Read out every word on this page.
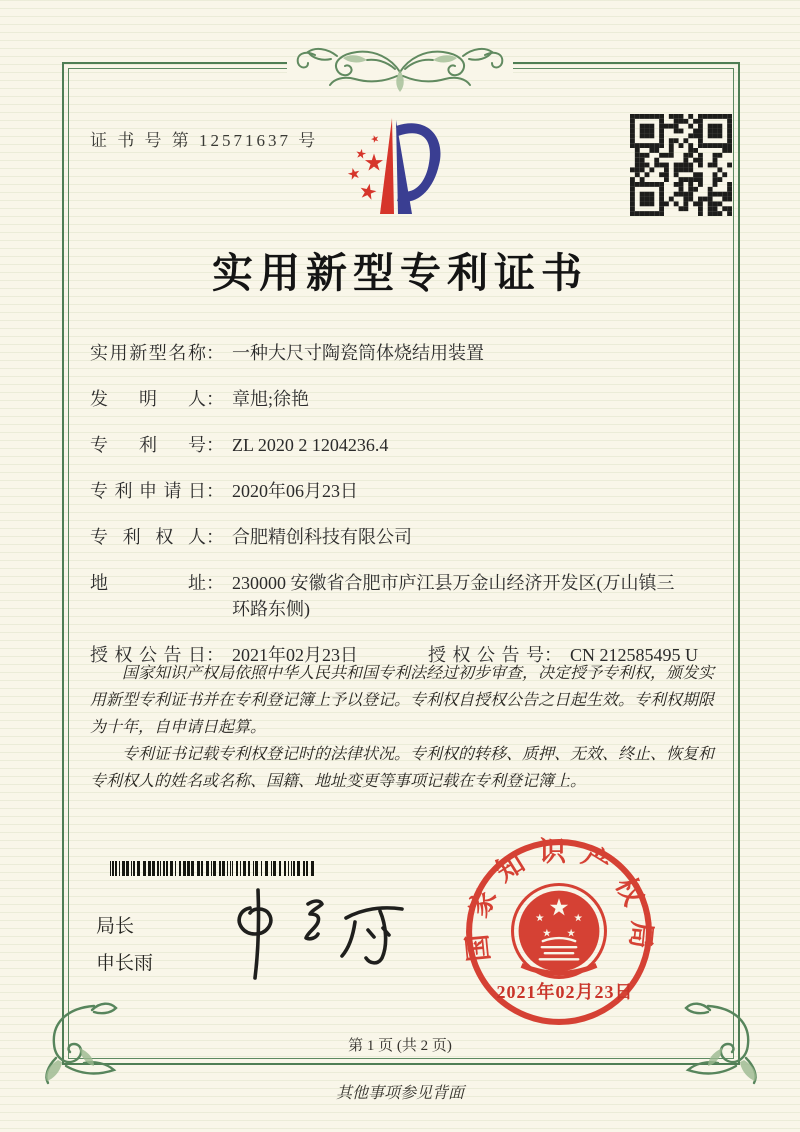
证 书 号 第 12571637 号
实用新型专利证书
实用新型名称： 一种大尺寸陶瓷筒体烧结用装置
发明人： 章旭;徐艳
专利号： ZL 2020 2 1204236.4
专利申请日： 2020年06月23日
专利权人： 合肥精创科技有限公司
地址： 230000 安徽省合肥市庐江县万金山经济开发区(万山镇三环路东侧)
授权公告日： 2021年02月23日	授权公告号： CN 212585495 U

国家知识产权局依照中华人民共和国专利法经过初步审查，决定授予专利权，颁发实用新型专利证书并在专利登记簿上予以登记。专利权自授权公告之日起生效。专利权期限为十年，自申请日起算。

专利证书记载专利权登记时的法律状况。专利权的转移、质押、无效、终止、恢复和专利权人的姓名或名称、国籍、地址变更等事项记载在专利登记簿上。

局长
申长雨
国家知识产权局
2021年02月23日
第 1 页 (共 2 页)
其他事项参见背面
